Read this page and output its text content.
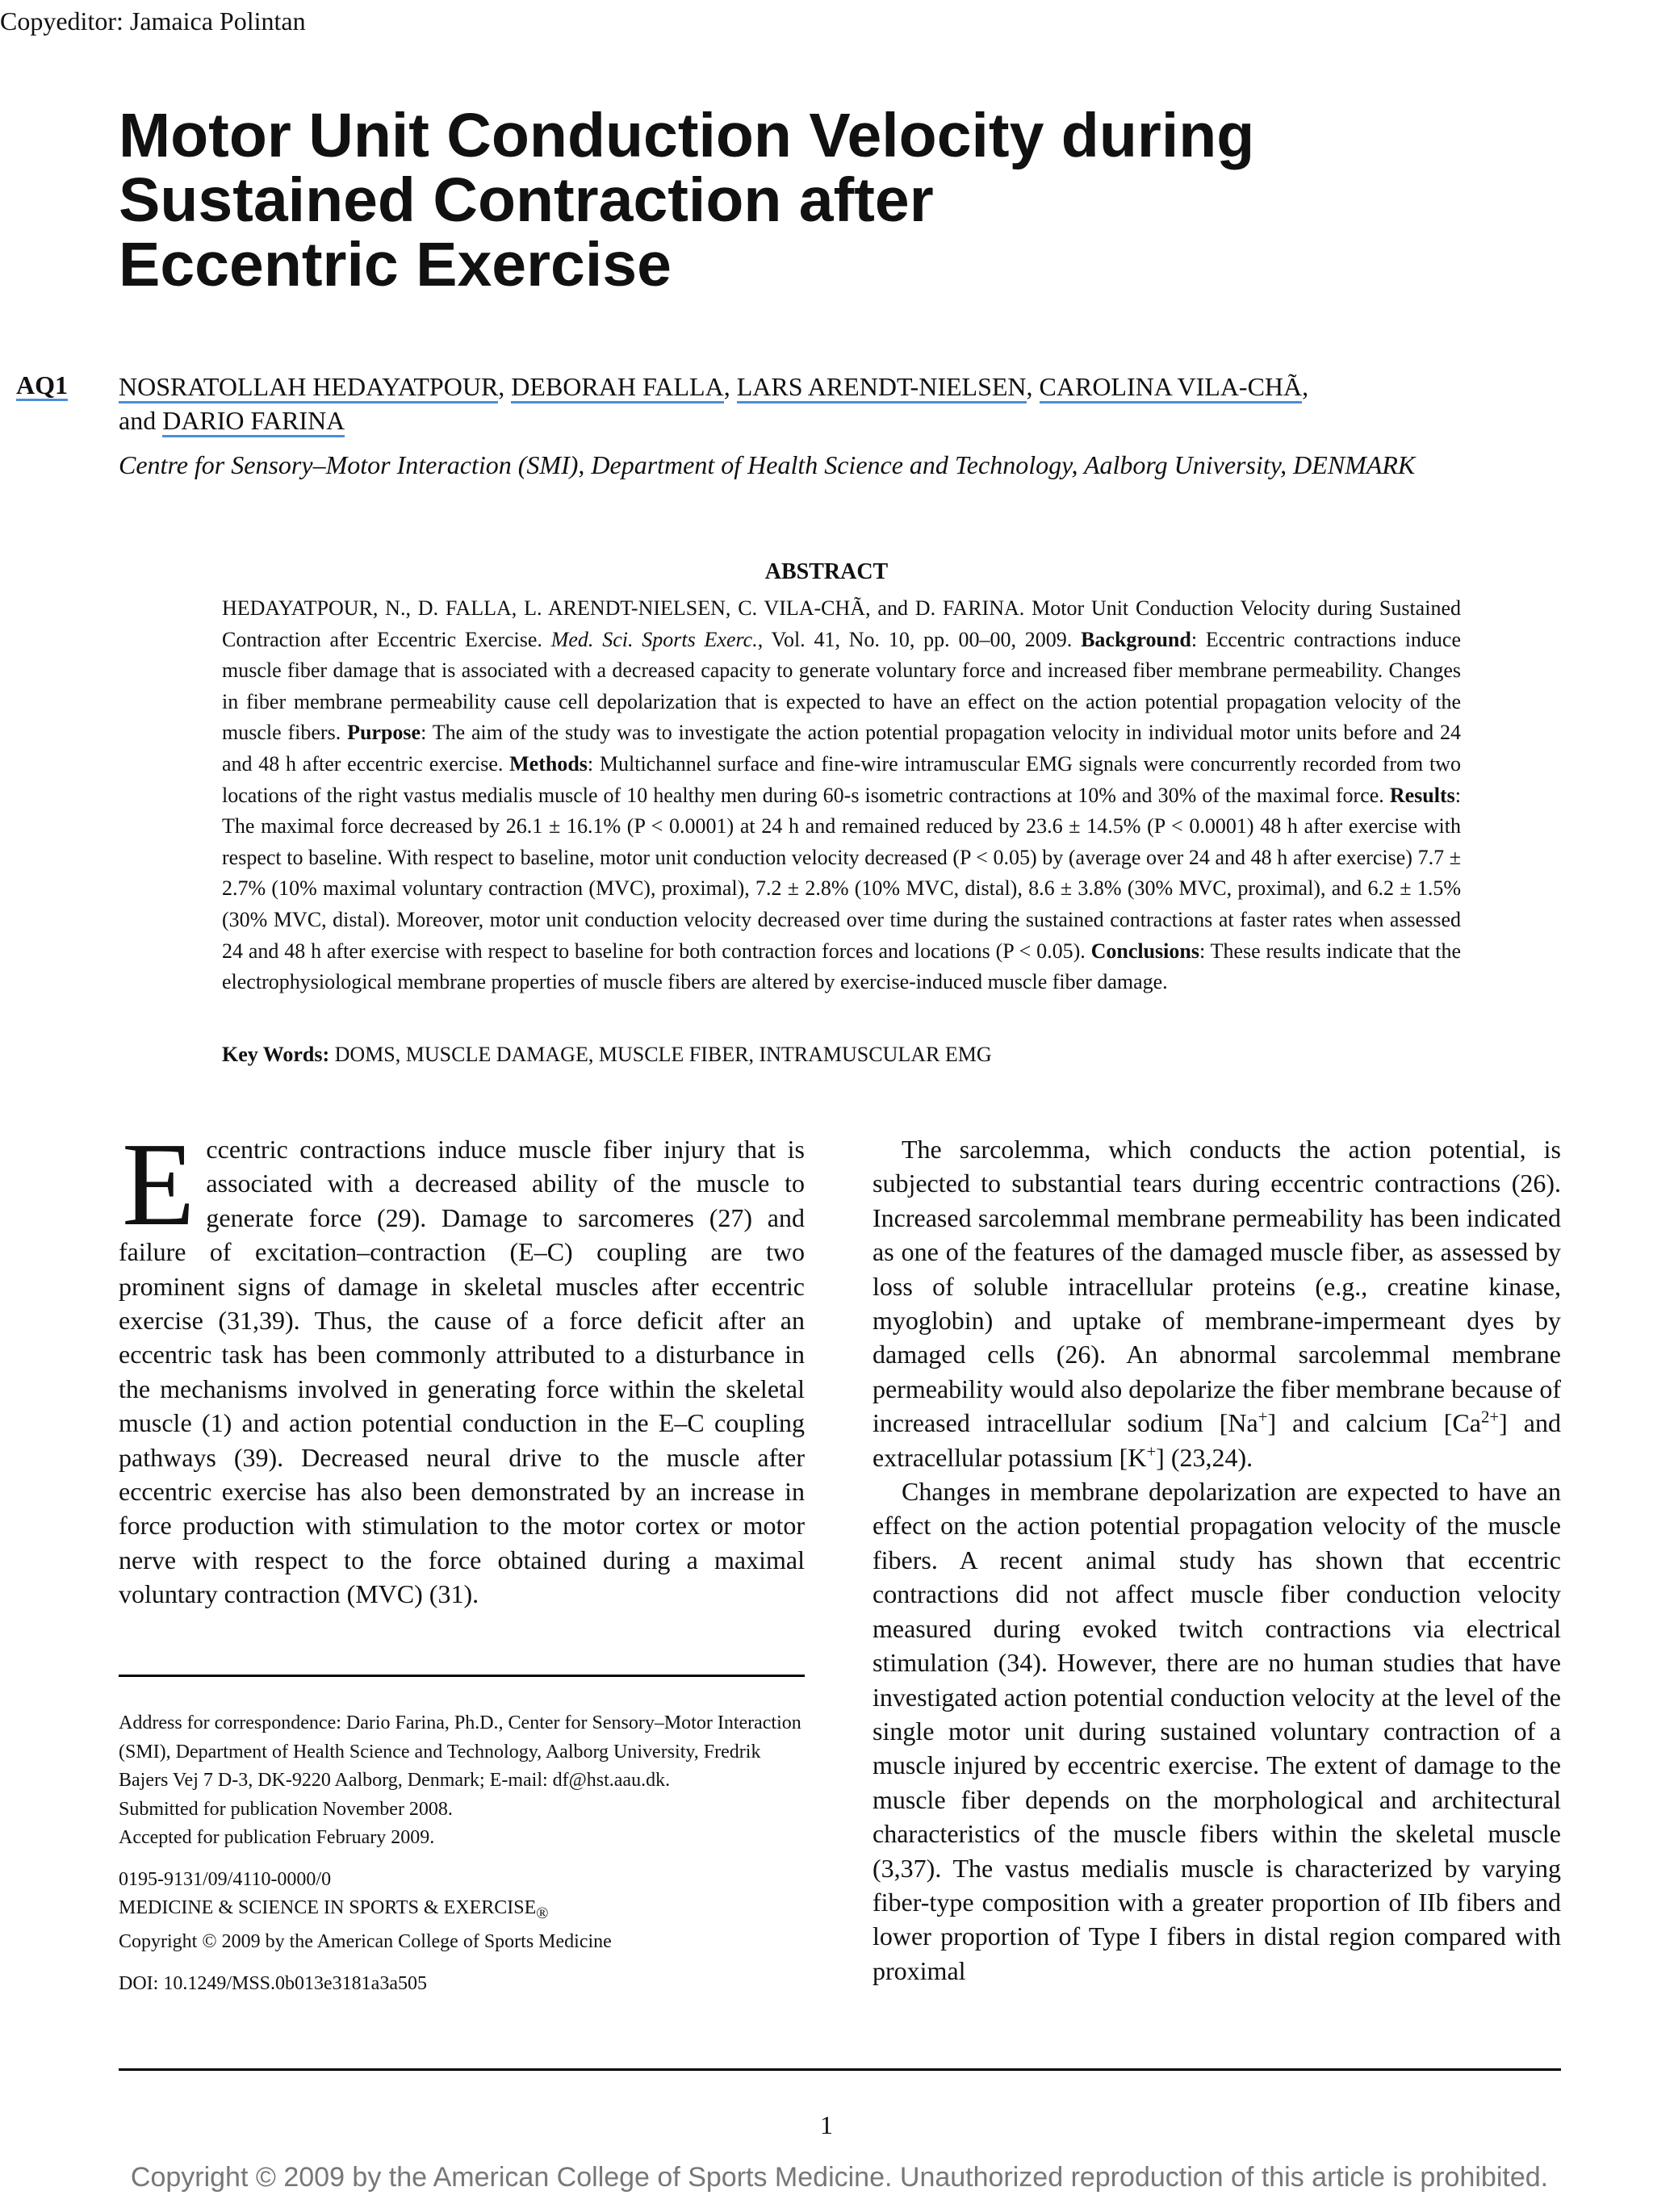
Copyeditor: Jamaica Polintan
Motor Unit Conduction Velocity during
Sustained Contraction after
Eccentric Exercise
AQ1 NOSRATOLLAH HEDAYATPOUR, DEBORAH FALLA, LARS ARENDT-NIELSEN, CAROLINA VILA-CHÃ,
and DARIO FARINA
Centre for Sensory–Motor Interaction (SMI), Department of Health Science and Technology, Aalborg University, DENMARK
ABSTRACT

HEDAYATPOUR, N., D. FALLA, L. ARENDT-NIELSEN, C. VILA-CHÃ, and D. FARINA. Motor Unit Conduction Velocity during Sustained Contraction after Eccentric Exercise. Med. Sci. Sports Exerc., Vol. 41, No. 10, pp. 00–00, 2009. Background: Eccentric contractions induce muscle fiber damage that is associated with a decreased capacity to generate voluntary force and increased fiber membrane permeability. Changes in fiber membrane permeability cause cell depolarization that is expected to have an effect on the action potential propagation velocity of the muscle fibers. Purpose: The aim of the study was to investigate the action potential propagation velocity in individual motor units before and 24 and 48 h after eccentric exercise. Methods: Multichannel surface and fine-wire intramuscular EMG signals were concurrently recorded from two locations of the right vastus medialis muscle of 10 healthy men during 60-s isometric contractions at 10% and 30% of the maximal force. Results: The maximal force decreased by 26.1 ± 16.1% (P < 0.0001) at 24 h and remained reduced by 23.6 ± 14.5% (P < 0.0001) 48 h after exercise with respect to baseline. With respect to baseline, motor unit conduction velocity decreased (P < 0.05) by (average over 24 and 48 h after exercise) 7.7 ± 2.7% (10% maximal voluntary contraction (MVC), proximal), 7.2 ± 2.8% (10% MVC, distal), 8.6 ± 3.8% (30% MVC, proximal), and 6.2 ± 1.5% (30% MVC, distal). Moreover, motor unit conduction velocity decreased over time during the sustained contractions at faster rates when assessed 24 and 48 h after exercise with respect to baseline for both contraction forces and locations (P < 0.05). Conclusions: These results indicate that the electrophysiological membrane properties of muscle fibers are altered by exercise-induced muscle fiber damage.

Key Words: DOMS, MUSCLE DAMAGE, MUSCLE FIBER, INTRAMUSCULAR EMG

Eccentric contractions induce muscle fiber injury that is associated with a decreased ability of the muscle to generate force (29). Damage to sarcomeres (27) and failure of excitation–contraction (E–C) coupling are two prominent signs of damage in skeletal muscles after eccentric exercise (31,39). Thus, the cause of a force deficit after an eccentric task has been commonly attributed to a disturbance in the mechanisms involved in generating force within the skeletal muscle (1) and action potential conduction in the E–C coupling pathways (39). Decreased neural drive to the muscle after eccentric exercise has also been demonstrated by an increase in force production with stimulation to the motor cortex or motor nerve with respect to the force obtained during a maximal voluntary contraction (MVC) (31).

Address for correspondence: Dario Farina, Ph.D., Center for Sensory–Motor Interaction (SMI), Department of Health Science and Technology, Aalborg University, Fredrik Bajers Vej 7 D-3, DK-9220 Aalborg, Denmark; E-mail: df@hst.aau.dk.

Submitted for publication November 2008.

Accepted for publication February 2009.

0195-9131/09/4110-0000/0

MEDICINE & SCIENCE IN SPORTS & $EXERCISE_®$

Copyright © 2009 by the American College of Sports Medicine

DOI: 10.1249/MSS.0b013e3181a3a505

The sarcolemma, which conducts the action potential, is subjected to substantial tears during eccentric contractions (26). Increased sarcolemmal membrane permeability has been indicated as one of the features of the damaged muscle fiber, as assessed by loss of soluble intracellular proteins (e.g., creatine kinase, myoglobin) and uptake of membrane-impermeant dyes by damaged cells (26). An abnormal sarcolemmal membrane permeability would also depolarize the fiber membrane because of increased intracellular sodium [Na+] and calcium $[Ca^{2+}]$ and extracellular potassium [K+] (23,24).

Changes in membrane depolarization are expected to have an effect on the action potential propagation velocity of the muscle fibers. A recent animal study has shown that eccentric contractions did not affect muscle fiber conduction velocity measured during evoked twitch contractions via electrical stimulation (34). However, there are no human studies that have investigated action potential conduction velocity at the level of the single motor unit during sustained voluntary contraction of a muscle injured by eccentric exercise. The extent of damage to the muscle fiber depends on the morphological and architectural characteristics of the muscle fibers within the skeletal muscle (3,37). The vastus medialis muscle is characterized by varying fiber-type composition with a greater proportion of IIb fibers and lower proportion of Type I fibers in distal region compared with proximal

1
Copyright © 2009 by the American College of Sports Medicine. Unauthorized reproduction of this article is prohibited.
